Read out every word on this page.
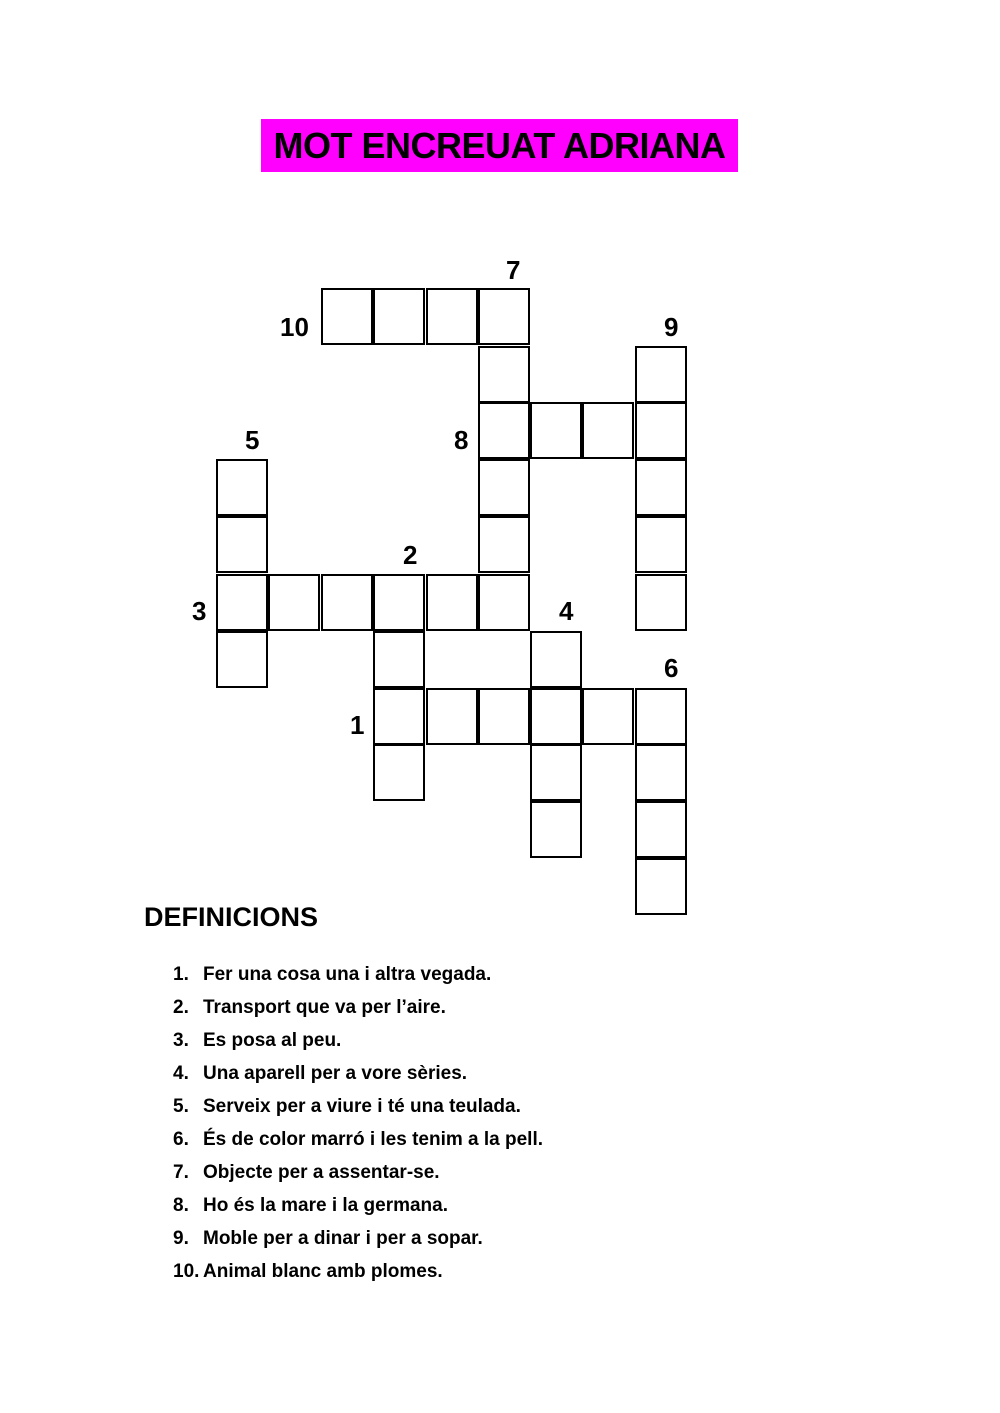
MOT ENCREUAT ADRIANA
1
2
3	4
5
6
7
8
9
10
DEFINICIONS
1. Fer una cosa una i altra vegada.
2. Transport que va per l’aire.
3. Es posa al peu.
4. Una aparell per a vore sèries.
5. Serveix per a viure i té una teulada.
6. És de color marró i les tenim a la pell.
7. Objecte per a assentar-se.
8. Ho és la mare i la germana.
9. Moble per a dinar i per a sopar.
10. Animal blanc amb plomes.
